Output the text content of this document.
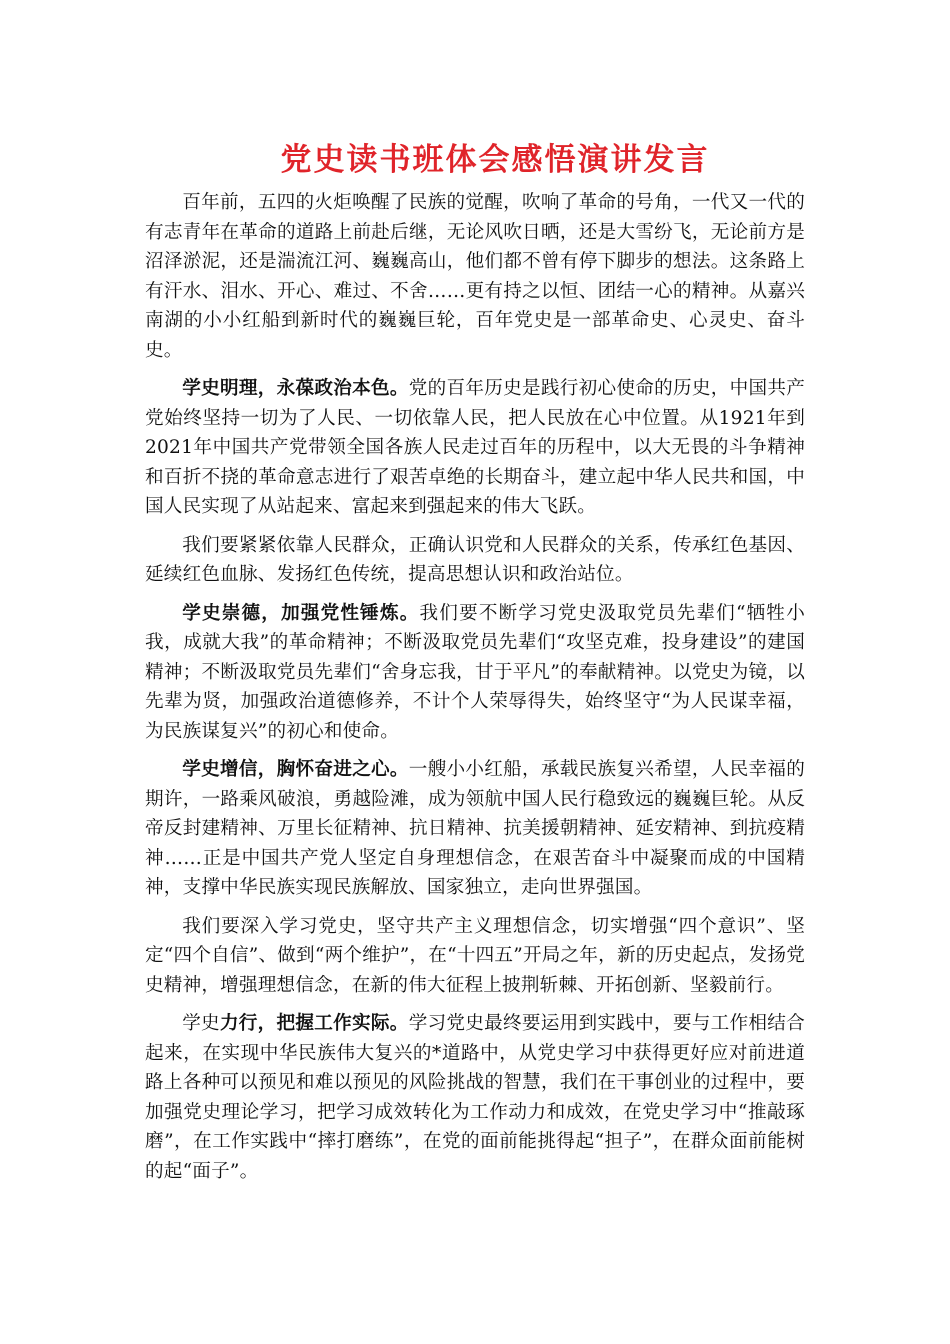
党史读书班体会感悟演讲发言

百年前，五四的火炬唤醒了民族的觉醒，吹响了革命的号角，一代又一代的有志青年在革命的道路上前赴后继，无论风吹日晒，还是大雪纷飞，无论前方是沼泽淤泥，还是湍流江河、巍巍高山，他们都不曾有停下脚步的想法。这条路上有汗水、泪水、开心、难过、不舍……更有持之以恒、团结一心的精神。从嘉兴南湖的小小红船到新时代的巍巍巨轮，百年党史是一部革命史、心灵史、奋斗史。

学史明理，永葆政治本色。党的百年历史是践行初心使命的历史，中国共产党始终坚持一切为了人民、一切依靠人民，把人民放在心中位置。从1921年到2021年中国共产党带领全国各族人民走过百年的历程中，以大无畏的斗争精神和百折不挠的革命意志进行了艰苦卓绝的长期奋斗，建立起中华人民共和国，中国人民实现了从站起来、富起来到强起来的伟大飞跃。

我们要紧紧依靠人民群众，正确认识党和人民群众的关系，传承红色基因、延续红色血脉、发扬红色传统，提高思想认识和政治站位。

学史崇德，加强党性锤炼。我们要不断学习党史汲取党员先辈们“牺牲小我，成就大我”的革命精神；不断汲取党员先辈们“攻坚克难，投身建设”的建国精神；不断汲取党员先辈们“舍身忘我，甘于平凡”的奉献精神。以党史为镜，以先辈为贤，加强政治道德修养，不计个人荣辱得失，始终坚守“为人民谋幸福，为民族谋复兴”的初心和使命。

学史增信，胸怀奋进之心。一艘小小红船，承载民族复兴希望，人民幸福的期许，一路乘风破浪，勇越险滩，成为领航中国人民行稳致远的巍巍巨轮。从反帝反封建精神、万里长征精神、抗日精神、抗美援朝精神、延安精神、到抗疫精神……正是中国共产党人坚定自身理想信念，在艰苦奋斗中凝聚而成的中国精神，支撑中华民族实现民族解放、国家独立，走向世界强国。

我们要深入学习党史，坚守共产主义理想信念，切实增强“四个意识”、坚定“四个自信”、做到“两个维护”，在“十四五”开局之年，新的历史起点，发扬党史精神，增强理想信念，在新的伟大征程上披荆斩棘、开拓创新、坚毅前行。

学史力行，把握工作实际。学习党史最终要运用到实践中，要与工作相结合起来，在实现中华民族伟大复兴的*道路中，从党史学习中获得更好应对前进道路上各种可以预见和难以预见的风险挑战的智慧，我们在干事创业的过程中，要加强党史理论学习，把学习成效转化为工作动力和成效，在党史学习中“推敲琢磨”，在工作实践中“摔打磨练”，在党的面前能挑得起“担子”，在群众面前能树的起“面子”。
